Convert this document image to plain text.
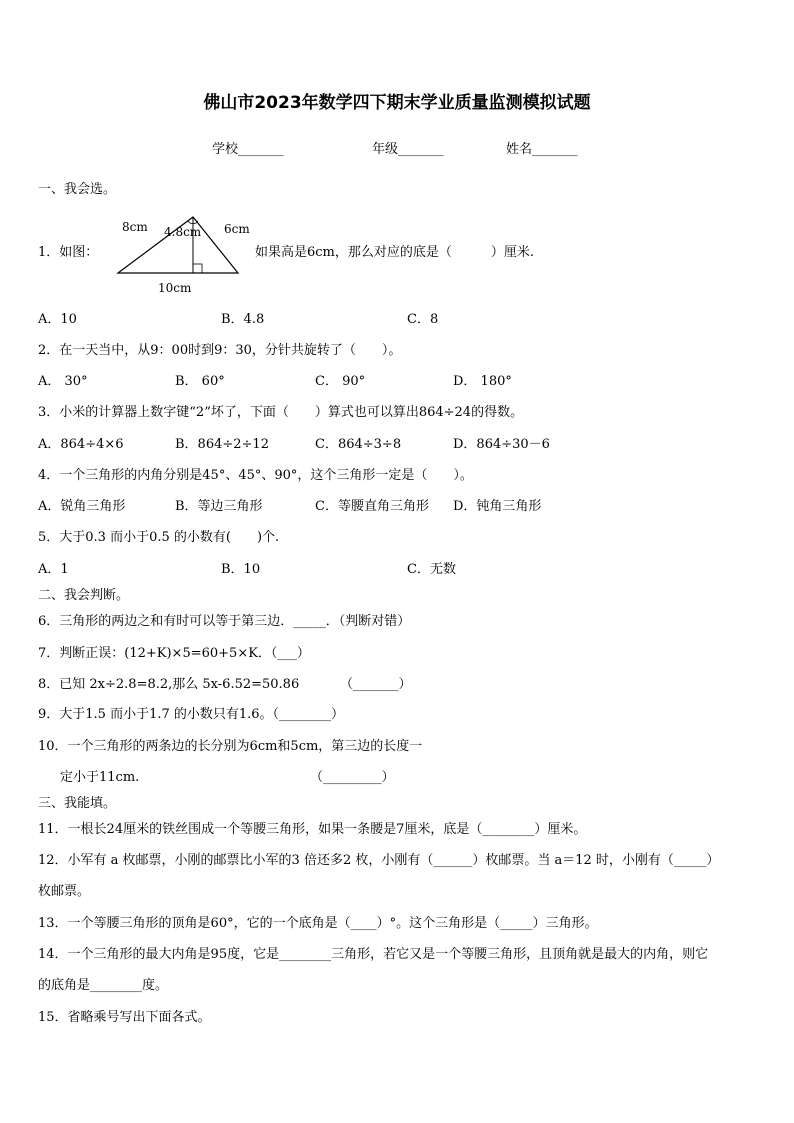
佛山市2023年数学四下期末学业质量监测模拟试题
学校_______	年级_______	姓名_______
一、我会选。
1．如图：
8cm 4.8cm 6cm
10cm
如果高是6cm，那么对应的底是（　　　）厘米.
A．10	B．4.8	C．8
2．在一天当中，从9：00时到9：30，分针共旋转了（　　）。
A． 30°	B． 60°	C． 90°	D． 180°
3．小米的计算器上数字键“2”坏了，下面（　　）算式也可以算出864÷24的得数。
A．864÷4×6	B．864÷2÷12	C．864÷3÷8	D．864÷30－6
4．一个三角形的内角分别是45°、45°、90°，这个三角形一定是（　　）。
A．锐角三角形	B．等边三角形	C．等腰直角三角形 D．钝角三角形
5．大于0.3 而小于0.5 的小数有(　　)个.
A．1	B．10	C．无数
二、我会判断。
6．三角形的两边之和有时可以等于第三边．_____．（判断对错）
7．判断正误：(12+K)×5=60+5×K．（___）
8．已知 2x÷2.8=8.2,那么 5x-6.52=50.86	（_______）
9．大于1.5 而小于1.7 的小数只有1.6。（________）
10．一个三角形的两条边的长分别为6cm和5cm，第三边的长度一
定小于11cm.	（_________）
三、我能填。
11．一根长24厘米的铁丝围成一个等腰三角形，如果一条腰是7厘米，底是（________）厘米。
12．小军有 a 枚邮票，小刚的邮票比小军的3 倍还多2 枚，小刚有（______）枚邮票。当 a＝12 时，小刚有（_____）
枚邮票。
13．一个等腰三角形的顶角是60°，它的一个底角是（____）°。这个三角形是（_____）三角形。
14．一个三角形的最大内角是95度，它是________三角形，若它又是一个等腰三角形，且顶角就是最大的内角，则它
的底角是________度。
15．省略乘号写出下面各式。
